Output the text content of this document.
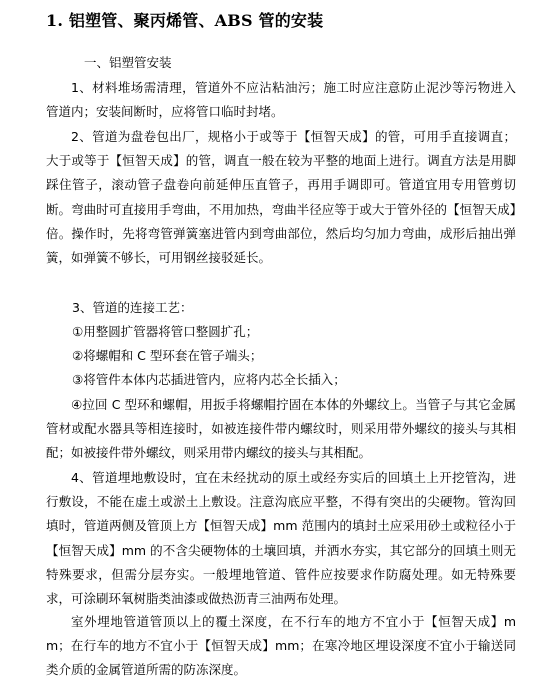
1. 铝塑管、聚丙烯管、ABS 管的安装
一、铝塑管安装

1、材料堆场需清理，管道外不应沾粘油污；施工时应注意防止泥沙等污物进入管道内；安装间断时，应将管口临时封堵。

2、管道为盘卷包出厂，规格小于或等于【恒智天成】的管，可用手直接调直；大于或等于【恒智天成】的管，调直一般在较为平整的地面上进行。调直方法是用脚踩住管子，滚动管子盘卷向前延伸压直管子，再用手调即可。管道宜用专用管剪切断。弯曲时可直接用手弯曲，不用加热，弯曲半径应等于或大于管外径的【恒智天成】倍。操作时，先将弯管弹簧塞进管内到弯曲部位，然后均匀加力弯曲，成形后抽出弹簧，如弹簧不够长，可用钢丝接驳延长。

3、管道的连接工艺：

①用整圆扩管器将管口整圆扩孔；

②将螺帽和 C 型环套在管子端头；

③将管件本体内芯插进管内，应将内芯全长插入；

④拉回 C 型环和螺帽，用扳手将螺帽拧固在本体的外螺纹上。当管子与其它金属管材或配水器具等相连接时，如被连接件带内螺纹时，则采用带外螺纹的接头与其相配；如被接件带外螺纹，则采用带内螺纹的接头与其相配。

4、管道埋地敷设时，宜在未经扰动的原土或经夯实后的回填土上开挖管沟，进行敷设，不能在虚土或淤土上敷设。注意沟底应平整，不得有突出的尖硬物。管沟回填时，管道两侧及管顶上方【恒智天成】mm 范围内的填封土应采用砂土或粒径小于【恒智天成】mm 的不含尖硬物体的土壤回填，并洒水夯实，其它部分的回填土则无特殊要求，但需分层夯实。一般埋地管道、管件应按要求作防腐处理。如无特殊要求，可涂刷环氧树脂类油漆或做热沥青三油两布处理。

室外埋地管道管顶以上的覆土深度，在不行车的地方不宜小于【恒智天成】mm；在行车的地方不宜小于【恒智天成】mm；在寒冷地区埋设深度不宜小于输送同类介质的金属管道所需的防冻深度。
